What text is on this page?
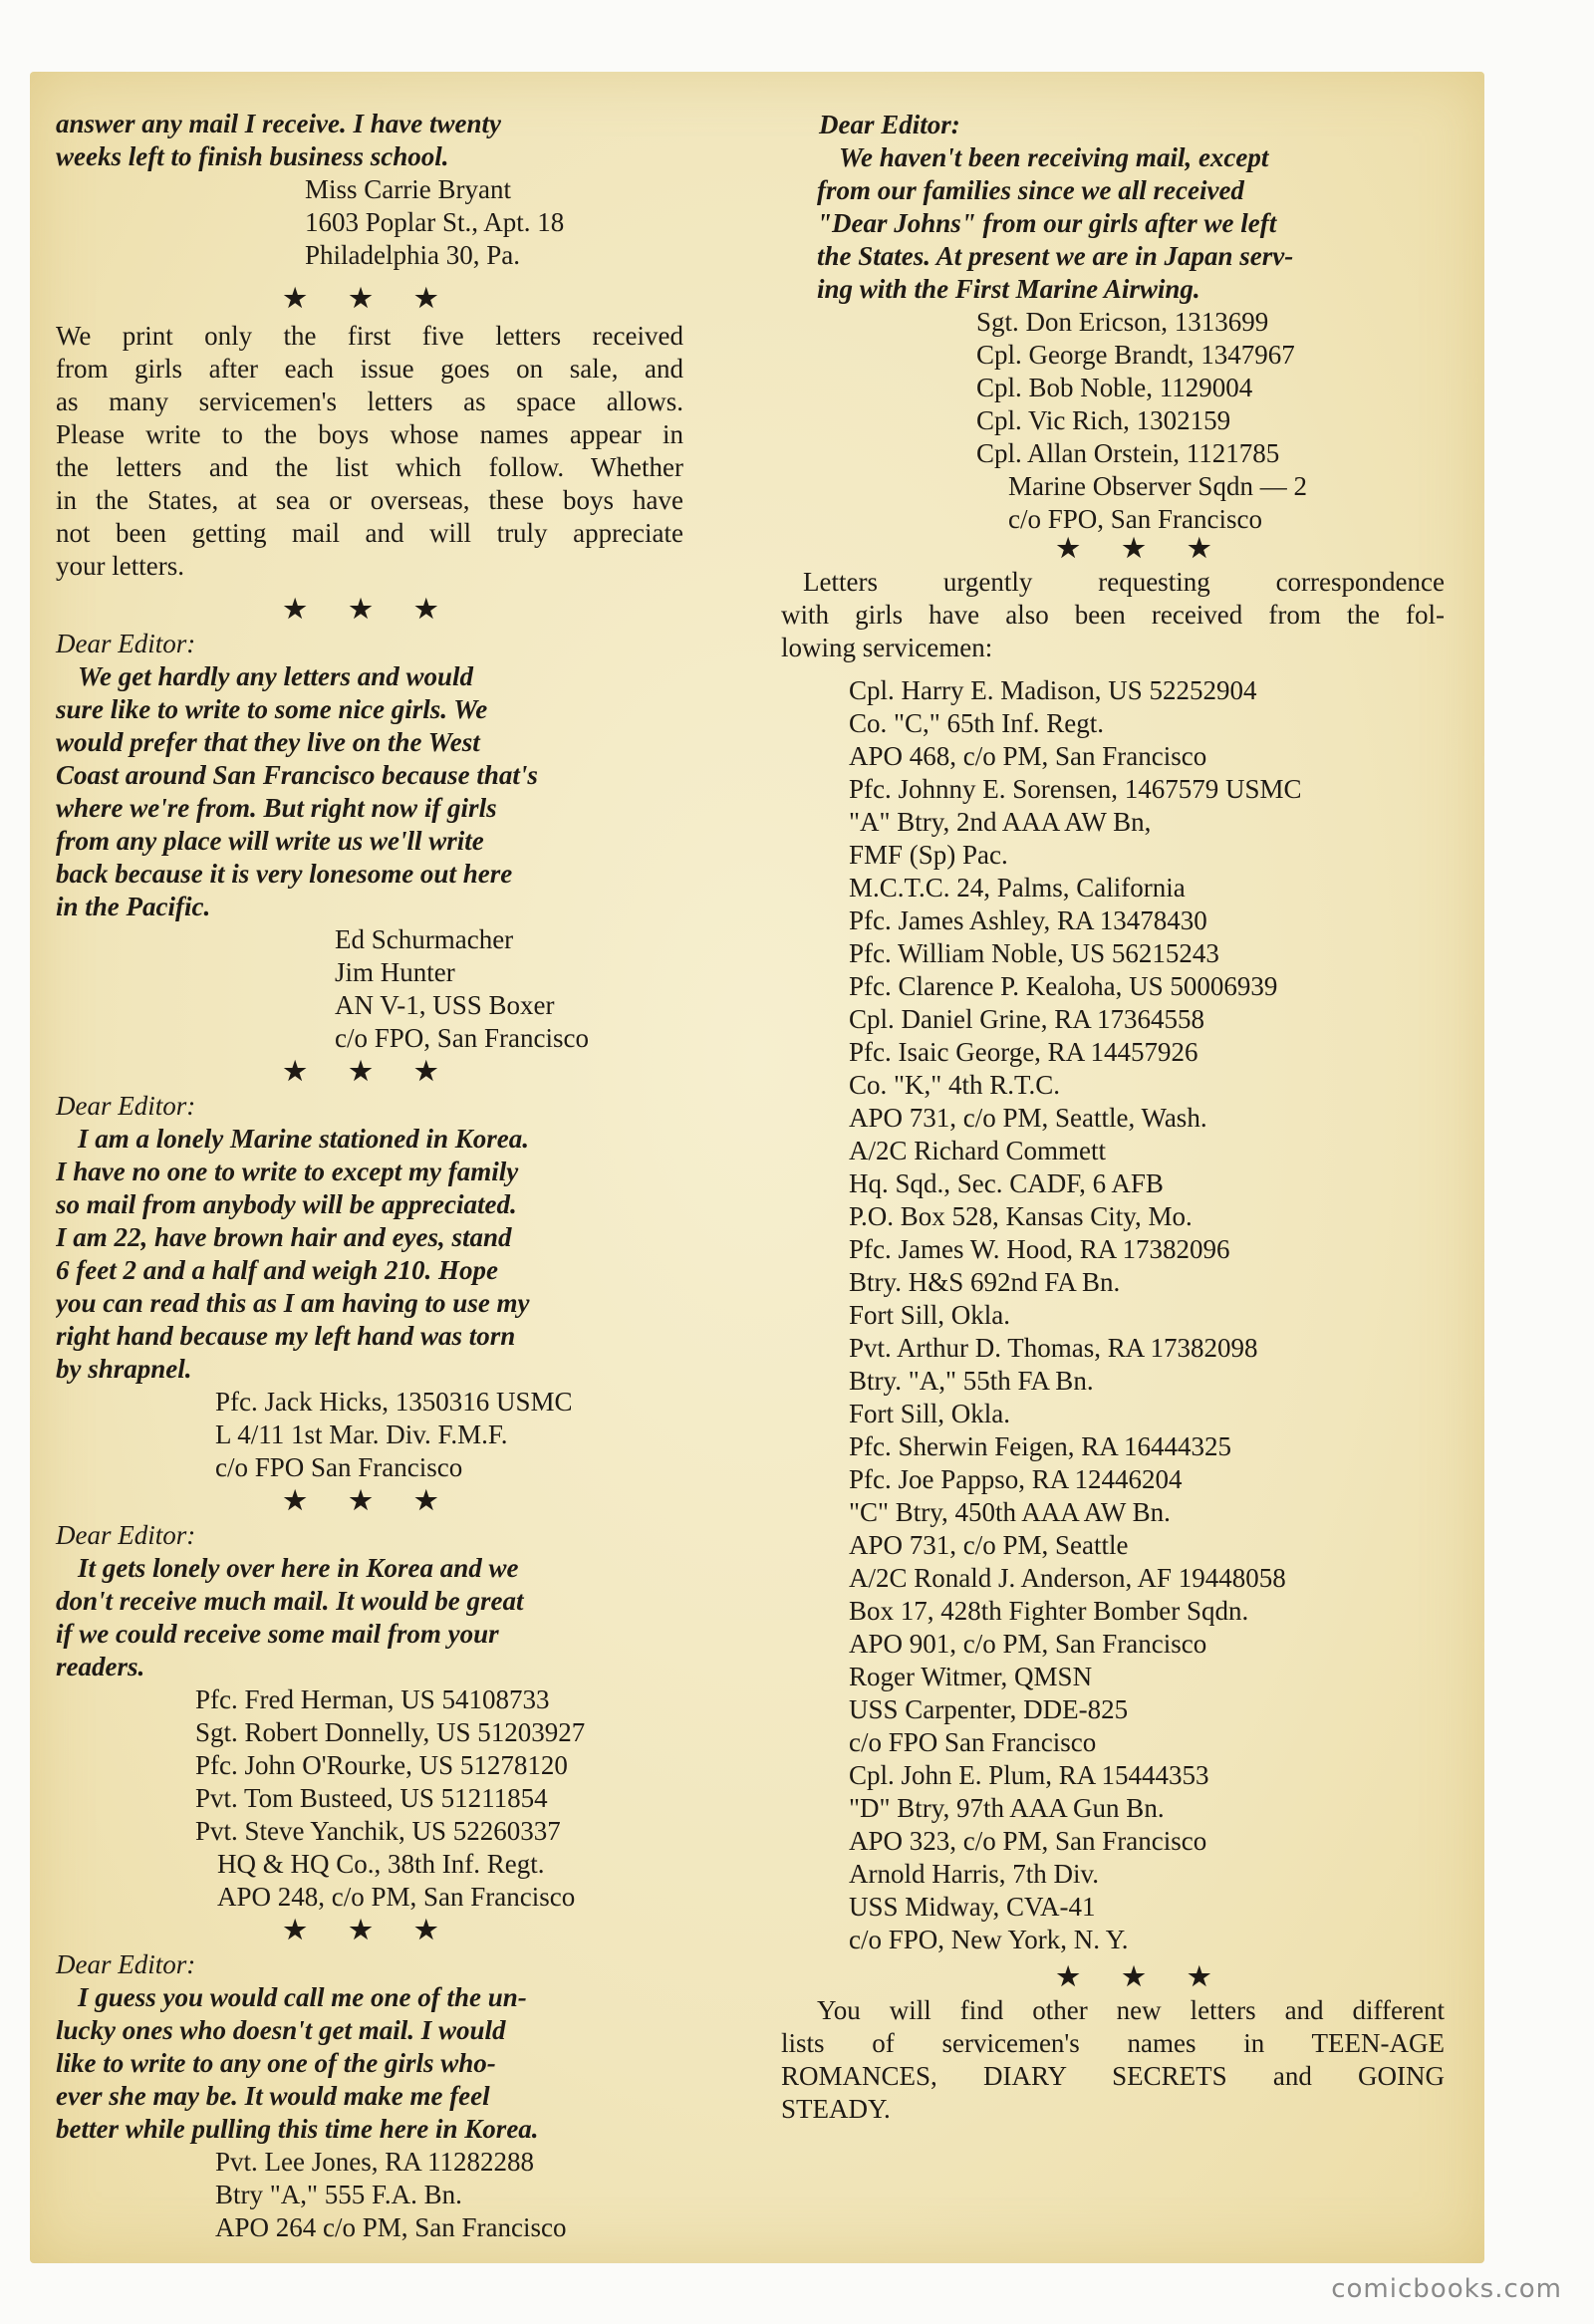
answer any mail I receive. I have twenty
weeks left to finish business school.
Miss Carrie Bryant
1603 Poplar St., Apt. 18
Philadelphia 30, Pa.
★ ★ ★
We print only the first five letters received
from girls after each issue goes on sale, and
as many servicemen's letters as space allows.
Please write to the boys whose names appear in
the letters and the list which follow. Whether
in the States, at sea or overseas, these boys have
not been getting mail and will truly appreciate
your letters.
★ ★ ★
Dear Editor:
We get hardly any letters and would
sure like to write to some nice girls. We
would prefer that they live on the West
Coast around San Francisco because that's
where we're from. But right now if girls
from any place will write us we'll write
back because it is very lonesome out here
in the Pacific.
Ed Schurmacher
Jim Hunter
AN V-1, USS Boxer
c/o FPO, San Francisco
★ ★ ★
Dear Editor:
I am a lonely Marine stationed in Korea.
I have no one to write to except my family
so mail from anybody will be appreciated.
I am 22, have brown hair and eyes, stand
6 feet 2 and a half and weigh 210. Hope
you can read this as I am having to use my
right hand because my left hand was torn
by shrapnel.
Pfc. Jack Hicks, 1350316 USMC
L 4/11 1st Mar. Div. F.M.F.
c/o FPO San Francisco
★ ★ ★
Dear Editor:
It gets lonely over here in Korea and we
don't receive much mail. It would be great
if we could receive some mail from your
readers.
Pfc. Fred Herman, US 54108733
Sgt. Robert Donnelly, US 51203927
Pfc. John O'Rourke, US 51278120
Pvt. Tom Busteed, US 51211854
Pvt. Steve Yanchik, US 52260337
HQ & HQ Co., 38th Inf. Regt.
APO 248, c/o PM, San Francisco
★ ★ ★
Dear Editor:
I guess you would call me one of the un-
lucky ones who doesn't get mail. I would
like to write to any one of the girls who-
ever she may be. It would make me feel
better while pulling this time here in Korea.
Pvt. Lee Jones, RA 11282288
Btry "A," 555 F.A. Bn.
APO 264 c/o PM, San Francisco
Dear Editor:
We haven't been receiving mail, except
from our families since we all received
"Dear Johns" from our girls after we left
the States. At present we are in Japan serv-
ing with the First Marine Airwing.
Sgt. Don Ericson, 1313699
Cpl. George Brandt, 1347967
Cpl. Bob Noble, 1129004
Cpl. Vic Rich, 1302159
Cpl. Allan Orstein, 1121785
Marine Observer Sqdn — 2
c/o FPO, San Francisco
★ ★ ★
Letters urgently requesting correspondence
with girls have also been received from the fol-
lowing servicemen:
Cpl. Harry E. Madison, US 52252904
Co. "C," 65th Inf. Regt.
APO 468, c/o PM, San Francisco
Pfc. Johnny E. Sorensen, 1467579 USMC
"A" Btry, 2nd AAA AW Bn,
FMF (Sp) Pac.
M.C.T.C. 24, Palms, California
Pfc. James Ashley, RA 13478430
Pfc. William Noble, US 56215243
Pfc. Clarence P. Kealoha, US 50006939
Cpl. Daniel Grine, RA 17364558
Pfc. Isaic George, RA 14457926
Co. "K," 4th R.T.C.
APO 731, c/o PM, Seattle, Wash.
A/2C Richard Commett
Hq. Sqd., Sec. CADF, 6 AFB
P.O. Box 528, Kansas City, Mo.
Pfc. James W. Hood, RA 17382096
Btry. H&S 692nd FA Bn.
Fort Sill, Okla.
Pvt. Arthur D. Thomas, RA 17382098
Btry. "A," 55th FA Bn.
Fort Sill, Okla.
Pfc. Sherwin Feigen, RA 16444325
Pfc. Joe Pappso, RA 12446204
"C" Btry, 450th AAA AW Bn.
APO 731, c/o PM, Seattle
A/2C Ronald J. Anderson, AF 19448058
Box 17, 428th Fighter Bomber Sqdn.
APO 901, c/o PM, San Francisco
Roger Witmer, QMSN
USS Carpenter, DDE-825
c/o FPO San Francisco
Cpl. John E. Plum, RA 15444353
"D" Btry, 97th AAA Gun Bn.
APO 323, c/o PM, San Francisco
Arnold Harris, 7th Div.
USS Midway, CVA-41
c/o FPO, New York, N. Y.
★ ★ ★
You will find other new letters and different
lists of servicemen's names in TEEN-AGE
ROMANCES, DIARY SECRETS and GOING
STEADY.
comicbooks.com
